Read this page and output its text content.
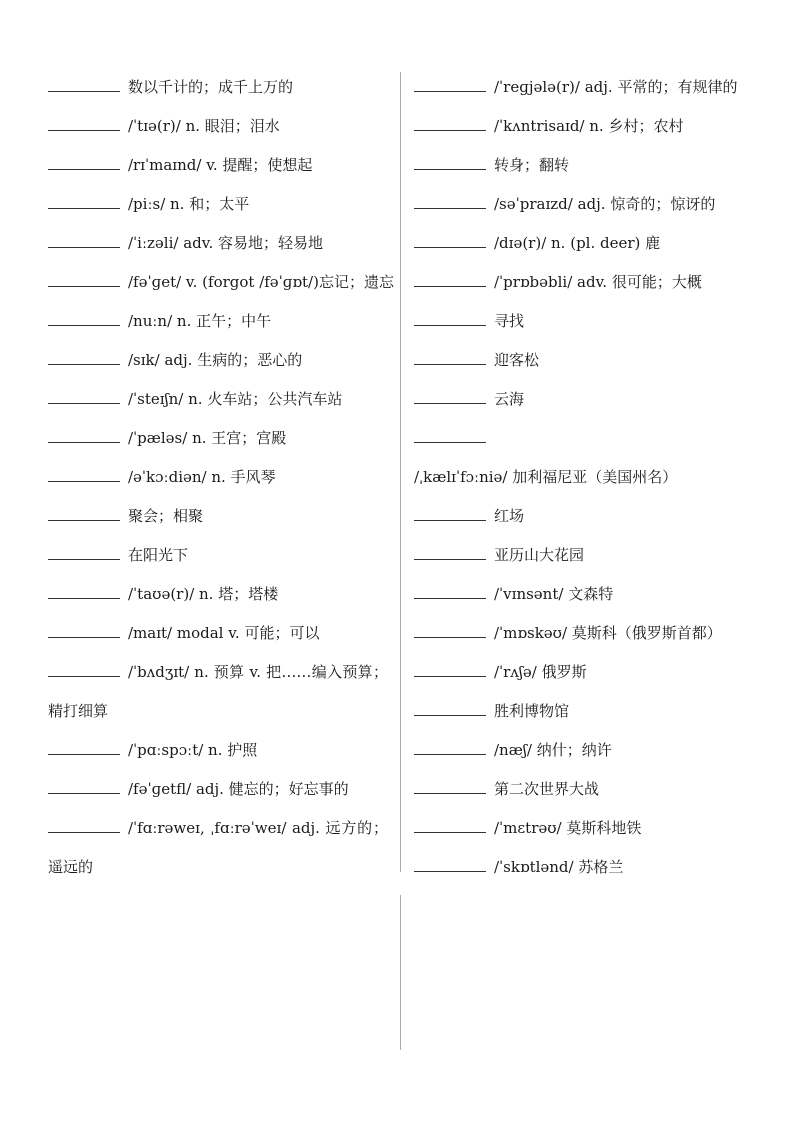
数以千计的；成千上万的
/ˈtɪə(r)/ n. 眼泪；泪水
/rɪˈmaɪnd/ v. 提醒；使想起
/piːs/ n. 和；太平
/ˈiːzəli/ adv. 容易地；轻易地
/fəˈɡet/ v. (forgot /fəˈɡɒt/)忘记；遗忘
/nuːn/ n. 正午；中午
/sɪk/ adj. 生病的；恶心的
/ˈsteɪʃn/ n. 火车站；公共汽车站
/ˈpæləs/ n. 王宫；宫殿
/əˈkɔːdiən/ n. 手风琴
聚会；相聚
在阳光下
/ˈtaʊə(r)/ n. 塔；塔楼
/maɪt/ modal v. 可能；可以
/ˈbʌdʒɪt/ n. 预算 v. 把……编入预算；精打细算
/ˈpɑːspɔːt/ n. 护照
/fəˈɡetfl/ adj. 健忘的；好忘事的
/ˈfɑːrəweɪ, ˌfɑːrəˈweɪ/ adj. 远方的；遥远的
/ˈreɡjələ(r)/ adj. 平常的；有规律的
/ˈkʌntrisaɪd/ n. 乡村；农村
转身；翻转
/səˈpraɪzd/ adj. 惊奇的；惊讶的
/dɪə(r)/ n. (pl. deer) 鹿
/ˈprɒbəbli/ adv. 很可能；大概
寻找
迎客松
云海
/ˌkælɪˈfɔːniə/ 加利福尼亚（美国州名）
红场
亚历山大花园
/ˈvɪnsənt/ 文森特
/ˈmɒskəʊ/ 莫斯科（俄罗斯首都）
/ˈrʌʃə/ 俄罗斯
胜利博物馆
/næʃ/ 纳什；纳许
第二次世界大战
/ˈmɛtrəʊ/ 莫斯科地铁
/ˈskɒtlənd/ 苏格兰
